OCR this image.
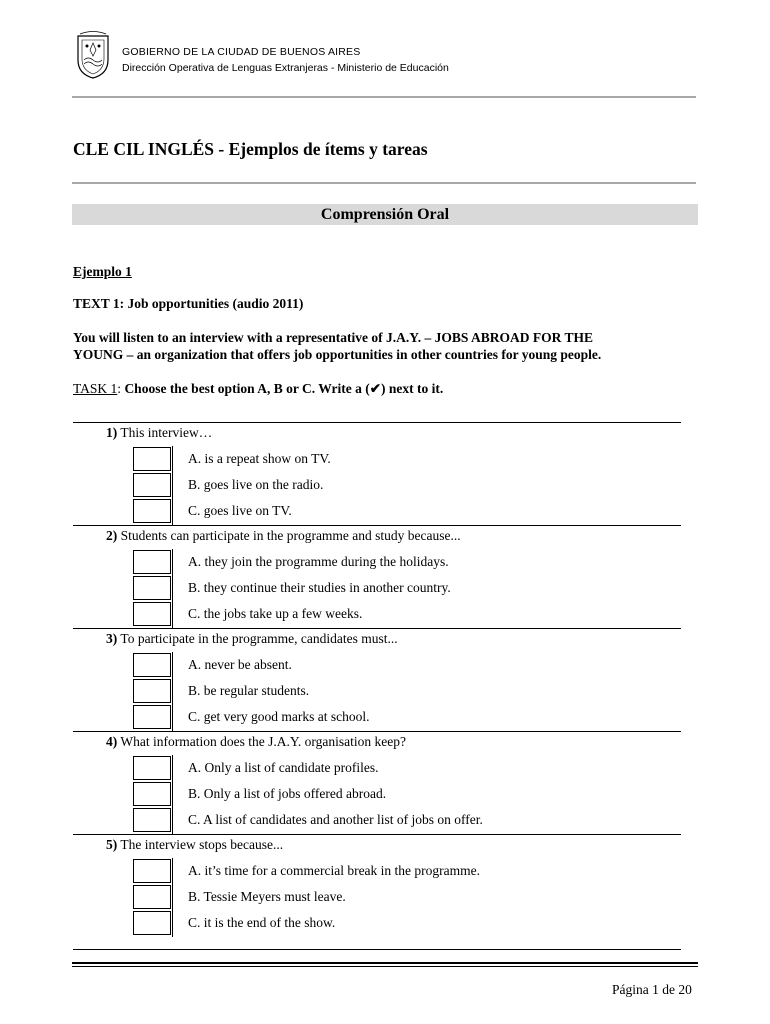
GOBIERNO DE LA CIUDAD DE BUENOS AIRES
Dirección Operativa de Lenguas Extranjeras - Ministerio de Educación
CLE CIL INGLÉS - Ejemplos de ítems y tareas
Comprensión Oral
Ejemplo 1
TEXT 1: Job opportunities (audio 2011)
You will listen to an interview with a representative of J.A.Y. – JOBS ABROAD FOR THE
YOUNG – an organization that offers job opportunities in other countries for young people.
TASK 1: Choose the best option A, B or C. Write a (✔) next to it.
1) This interview…
A. is a repeat show on TV.
B. goes live on the radio.
C. goes live on TV.
2) Students can participate in the programme and study because...
A. they join the programme during the holidays.
B. they continue their studies in another country.
C. the jobs take up a few weeks.
3) To participate in the programme, candidates must...
A. never be absent.
B. be regular students.
C. get very good marks at school.
4) What information does the J.A.Y. organisation keep?
A. Only a list of candidate profiles.
B. Only a list of jobs offered abroad.
C. A list of candidates and another list of jobs on offer.
5) The interview stops because...
A. it’s time for a commercial break in the programme.
B. Tessie Meyers must leave.
C. it is the end of the show.
Página 1 de 20
